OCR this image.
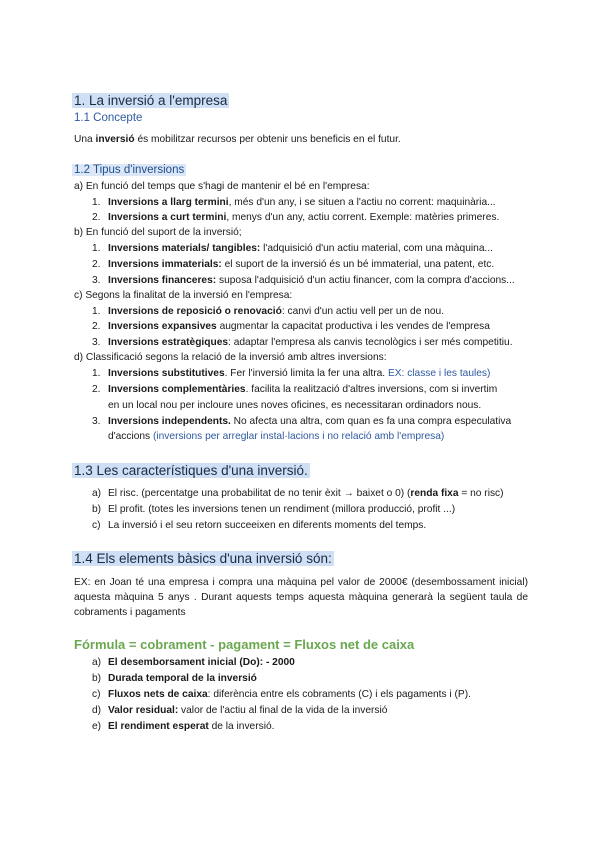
1. La inversió a l'empresa
1.1 Concepte
Una inversió és mobilitzar recursos per obtenir uns beneficis en el futur.
1.2 Tipus d'inversions
a) En funció del temps que s'hagi de mantenir el bé en l'empresa:
1. Inversions a llarg termini, més d'un any, i se situen a l'actiu no corrent: maquinària...
2. Inversions a curt termini, menys d'un any, actiu corrent. Exemple: matèries primeres.
b) En funció del suport de la inversió;
1. Inversions materials/ tangibles: l'adquisició d'un actiu material, com una màquina...
2. Inversions immaterials: el suport de la inversió és un bé immaterial, una patent, etc.
3. Inversions financeres: suposa l'adquisició d'un actiu financer, com la compra d'accions...
c) Segons la finalitat de la inversió en l'empresa:
1. Inversions de reposició o renovació: canvi d'un actiu vell per un de nou.
2. Inversions expansives augmentar la capacitat productiva i les vendes de l'empresa
3. Inversions estratègiques: adaptar l'empresa als canvis tecnològics i ser més competitiu.
d) Classificació segons la relació de la inversió amb altres inversions:
1. Inversions substitutives. Fer l'inversió limita la fer una altra. EX: classe i les taules)
2. Inversions complementàries. facilita la realització d'altres inversions, com si invertim
en un local nou per incloure unes noves oficines, es necessitaran ordinadors nous.
3. Inversions independents. No afecta una altra, com quan es fa una compra especulativa
d'accions (inversions per arreglar instal·lacions i no relació amb l'empresa)
1.3 Les característiques d'una inversió.
a) El risc. (percentatge una probabilitat de no tenir èxit → baixet o 0) (renda fixa = no risc)
b) El profit. (totes les inversions tenen un rendiment (millora producció, profit ...)
c) La inversió i el seu retorn succeeixen en diferents moments del temps.
1.4 Els elements bàsics d'una inversió són:
EX: en Joan té una empresa i compra una màquina pel valor de 2000€ (desembossament inicial) aquesta màquina 5 anys . Durant aquests temps aquesta màquina generarà la següent taula de cobraments i pagaments
Fórmula = cobrament - pagament = Fluxos net de caixa
a) El desemborsament inicial (Do): - 2000
b) Durada temporal de la inversió
c) Fluxos nets de caixa: diferència entre els cobraments (C) i els pagaments i (P).
d) Valor residual: valor de l'actiu al final de la vida de la inversió
e) El rendiment esperat de la inversió.
